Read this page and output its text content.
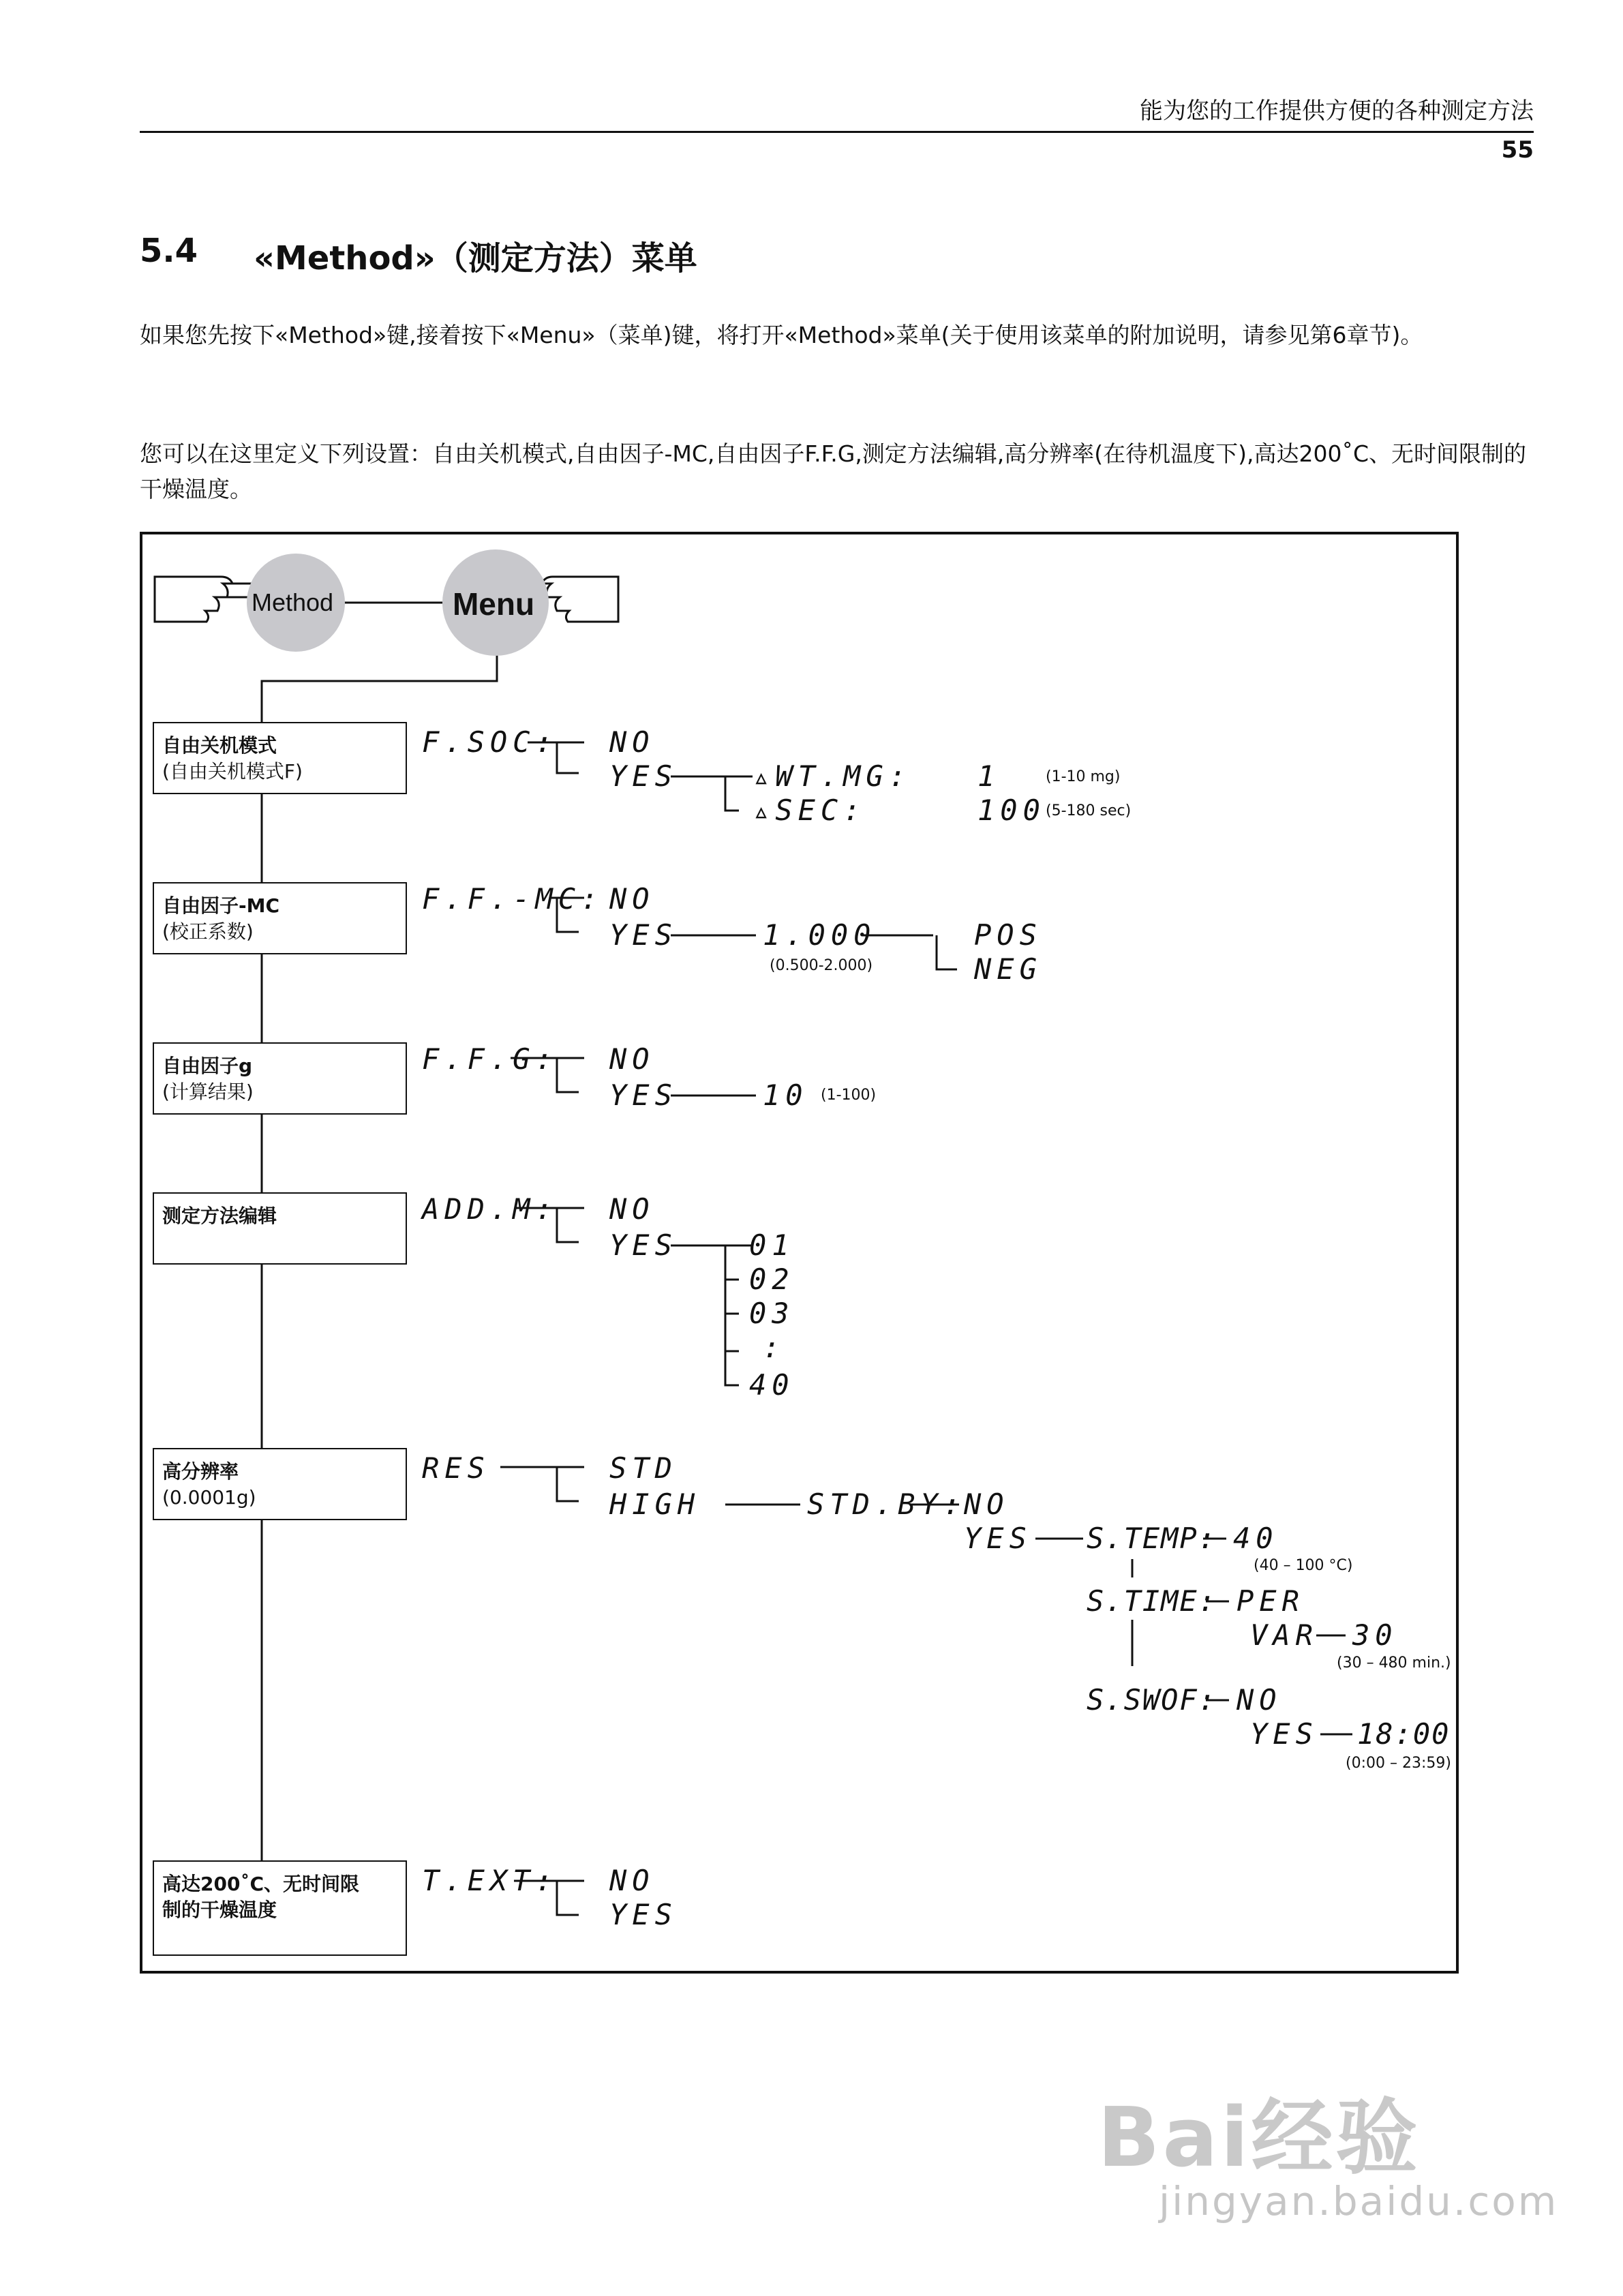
能为您的工作提供方便的各种测定方法
55
5.4 «Method»（测定方法）菜单
如果您先按下«Method»键,接着按下«Menu»（菜单)键，将打开«Method»菜单(关于使用该菜单的附加说明，请参见第6章节)。
您可以在这里定义下列设置：自由关机模式,自由因子-MC,自由因子F.F.G,测定方法编辑,高分辨率(在待机温度下),高达200˚C、无时间限制的干燥温度。
Method	Menu
自由关机模式
(自由关机模式F)
自由因子-MC
(校正系数)
自由因子g
(计算结果)
测定方法编辑
高分辨率
(0.0001g)
高达200˚C、无时间限
制的干燥温度
F.SOC: NO
YES	▵WT.MG: 1	(1-10 mg)
▵SEC:	100 (5-180 sec)
F.F.-MC: NO
YES	1.000
(0.500-2.000)
POS
NEG
F.F.G: NO
YES	10 (1-100)
ADD.M: NO
YES	01
02
03
:
40
RES	STD
HIGH	STD.BY:
NO
YES S.TEMP: 40
(40 – 100 °C)
S.TIME: PER
VAR 30
(30 – 480 min.)
S.SWOF: NO
YES 18:00
(0:00 – 23:59)
T.EXT: NO
YES
Bai经验
jingyan.baidu.com
